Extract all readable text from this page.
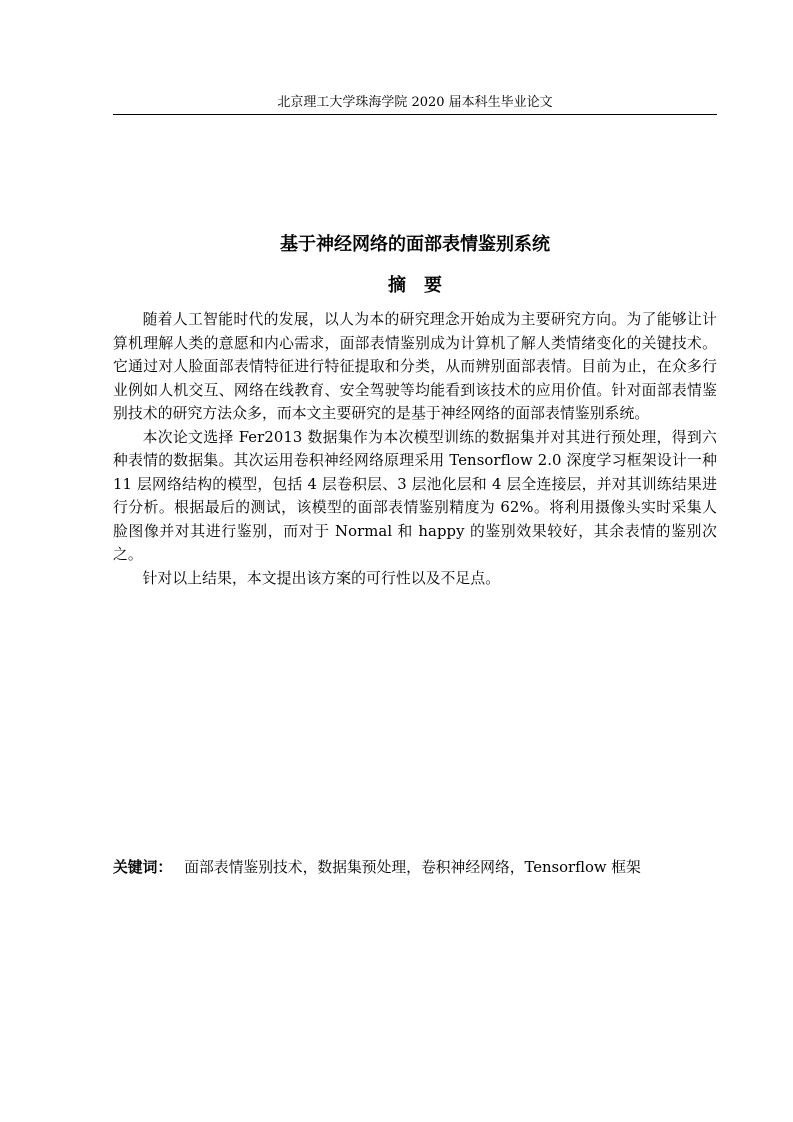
北京理工大学珠海学院 2020 届本科生毕业论文
基于神经网络的面部表情鉴别系统
摘要

随着人工智能时代的发展，以人为本的研究理念开始成为主要研究方向。为了能够让计算机理解人类的意愿和内心需求，面部表情鉴别成为计算机了解人类情绪变化的关键技术。它通过对人脸面部表情特征进行特征提取和分类，从而辨别面部表情。目前为止，在众多行业例如人机交互、网络在线教育、安全驾驶等均能看到该技术的应用价值。针对面部表情鉴别技术的研究方法众多，而本文主要研究的是基于神经网络的面部表情鉴别系统。

本次论文选择 Fer2013 数据集作为本次模型训练的数据集并对其进行预处理，得到六种表情的数据集。其次运用卷积神经网络原理采用 Tensorflow 2.0 深度学习框架设计一种 11 层网络结构的模型，包括 4 层卷积层、3 层池化层和 4 层全连接层，并对其训练结果进行分析。根据最后的测试，该模型的面部表情鉴别精度为 62%。将利用摄像头实时采集人脸图像并对其进行鉴别，而对于 Normal 和 happy 的鉴别效果较好，其余表情的鉴别次之。

针对以上结果，本文提出该方案的可行性以及不足点。

关键词： 面部表情鉴别技术，数据集预处理，卷积神经网络，Tensorflow 框架
